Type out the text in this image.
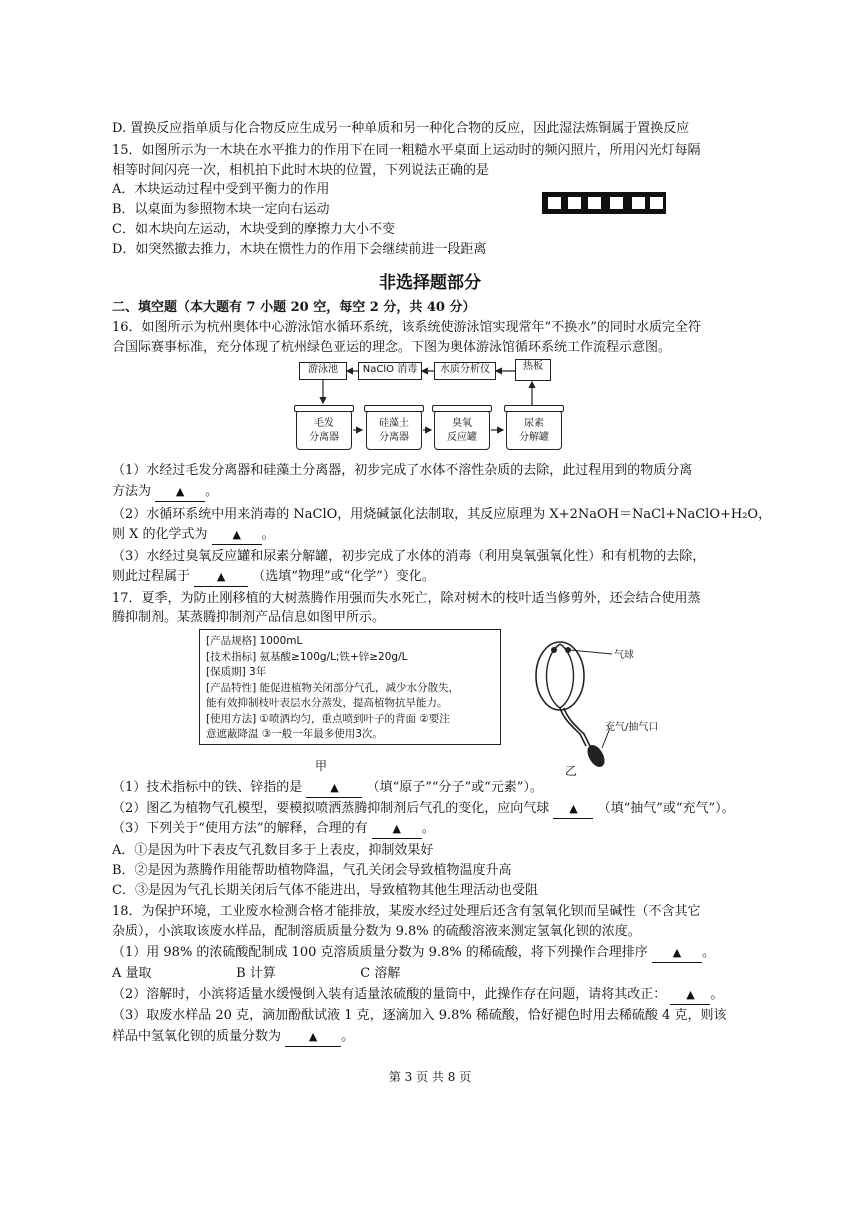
D. 置换反应指单质与化合物反应生成另一种单质和另一种化合物的反应，因此湿法炼铜属于置换反应
15．如图所示为一木块在水平推力的作用下在同一粗糙水平桌面上运动时的频闪照片，所用闪光灯每隔
相等时间闪亮一次，相机拍下此时木块的位置，下列说法正确的是
A．木块运动过程中受到平衡力的作用
B．以桌面为参照物木块一定向右运动
C．如木块向左运动，木块受到的摩擦力大小不变
D．如突然撤去推力，木块在惯性力的作用下会继续前进一段距离
非选择题部分
二、填空题（本大题有 7 小题 20 空，每空 2 分，共 40 分）
16．如图所示为杭州奥体中心游泳馆水循环系统，该系统使游泳馆实现常年“不换水”的同时水质完全符
合国际赛事标准，充分体现了杭州绿色亚运的理念。下图为奥体游泳馆循环系统工作流程示意图。
游泳池	NaClO 消毒	水质分析仪	热板
毛发
分离器
硅藻土
分离器
臭氧
反应罐
尿素
分解罐
（1）水经过毛发分离器和硅藻土分离器，初步完成了水体不溶性杂质的去除，此过程用到的物质分离
方法为 ▲ 。
（2）水循环系统中用来消毒的 NaClO，用烧碱氯化法制取，其反应原理为 X+2NaOH＝NaCl+NaClO+H₂O，
则 X 的化学式为 ▲ 。
（3）水经过臭氧反应罐和尿素分解罐，初步完成了水体的消毒（利用臭氧强氧化性）和有机物的去除，
则此过程属于 ▲ （选填“物理”或“化学”）变化。
17．夏季，为防止刚移植的大树蒸腾作用强而失水死亡，除对树木的枝叶适当修剪外，还会结合使用蒸
腾抑制剂。某蒸腾抑制剂产品信息如图甲所示。
[产品规格] 1000mL
[技术指标] 氨基酸≥100g/L;铁+锌≥20g/L
[保质期] 3年
[产品特性] 能促进植物关闭部分气孔，减少水分散失，
能有效抑制枝叶表层水分蒸发，提高植物抗旱能力。
[使用方法] ①喷洒均匀，重点喷到叶子的背面 ②要注
意遮蔽降温 ③一般一年最多使用3次。
气球
充气/抽气口
甲	乙
（1）技术指标中的铁、锌指的是	▲ （填“原子”“分子”或“元素”）。
（2）图乙为植物气孔模型，要模拟喷洒蒸腾抑制剂后气孔的变化，应向气球 ▲ （填“抽气”或“充气”）。
（3）下列关于“使用方法”的解释，合理的有 ▲ 。
A．①是因为叶下表皮气孔数目多于上表皮，抑制效果好
B．②是因为蒸腾作用能帮助植物降温，气孔关闭会导致植物温度升高
C．③是因为气孔长期关闭后气体不能进出，导致植物其他生理活动也受阻
18．为保护环境，工业废水检测合格才能排放，某废水经过处理后还含有氢氧化钡而呈碱性（不含其它
杂质），小滨取该废水样品，配制溶质质量分数为 9.8% 的硫酸溶液来测定氢氧化钡的浓度。
（1）用 98% 的浓硫酸配制成 100 克溶质质量分数为 9.8% 的稀硫酸，将下列操作合理排序 ▲ 。
A 量取	B 计算	C 溶解
（2）溶解时，小滨将适量水缓慢倒入装有适量浓硫酸的量筒中，此操作存在问题，请将其改正： ▲ 。
（3）取废水样品 20 克，滴加酚酞试液 1 克，逐滴加入 9.8% 稀硫酸，恰好褪色时用去稀硫酸 4 克，则该
样品中氢氧化钡的质量分数为	▲ 。
第 3 页 共 8 页
